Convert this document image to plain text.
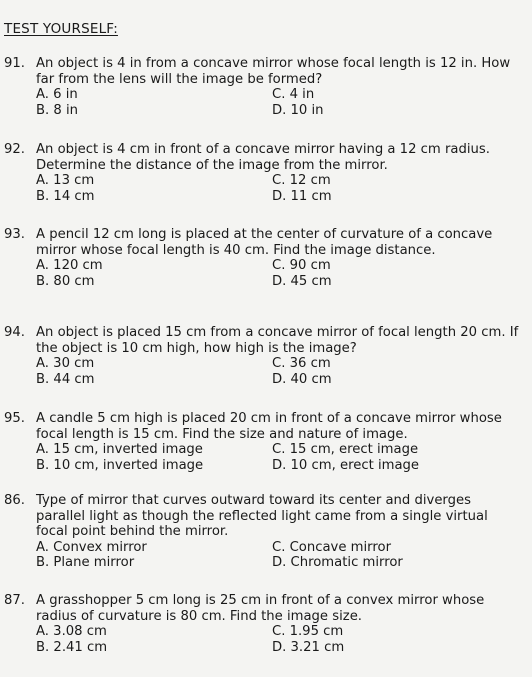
TEST YOURSELF:
91. An object is 4 in from a concave mirror whose focal length is 12 in. How far from the lens will the image be formed?
A. 6 in	C. 4 in
B. 8 in	D. 10 in
92. An object is 4 cm in front of a concave mirror having a 12 cm radius. Determine the distance of the image from the mirror.
A. 13 cm	C. 12 cm
B. 14 cm	D. 11 cm
93. A pencil 12 cm long is placed at the center of curvature of a concave mirror whose focal length is 40 cm. Find the image distance.
A. 120 cm	C. 90 cm
B. 80 cm	D. 45 cm
94. An object is placed 15 cm from a concave mirror of focal length 20 cm. If the object is 10 cm high, how high is the image?
A. 30 cm	C. 36 cm
B. 44 cm	D. 40 cm
95. A candle 5 cm high is placed 20 cm in front of a concave mirror whose focal length is 15 cm. Find the size and nature of image.
A. 15 cm, inverted image	C. 15 cm, erect image
B. 10 cm, inverted image	D. 10 cm, erect image
86. Type of mirror that curves outward toward its center and diverges parallel light as though the reflected light came from a single virtual focal point behind the mirror.
A. Convex mirror	C. Concave mirror
B. Plane mirror	D. Chromatic mirror
87. A grasshopper 5 cm long is 25 cm in front of a convex mirror whose radius of curvature is 80 cm. Find the image size.
A. 3.08 cm	C. 1.95 cm
B. 2.41 cm	D. 3.21 cm
